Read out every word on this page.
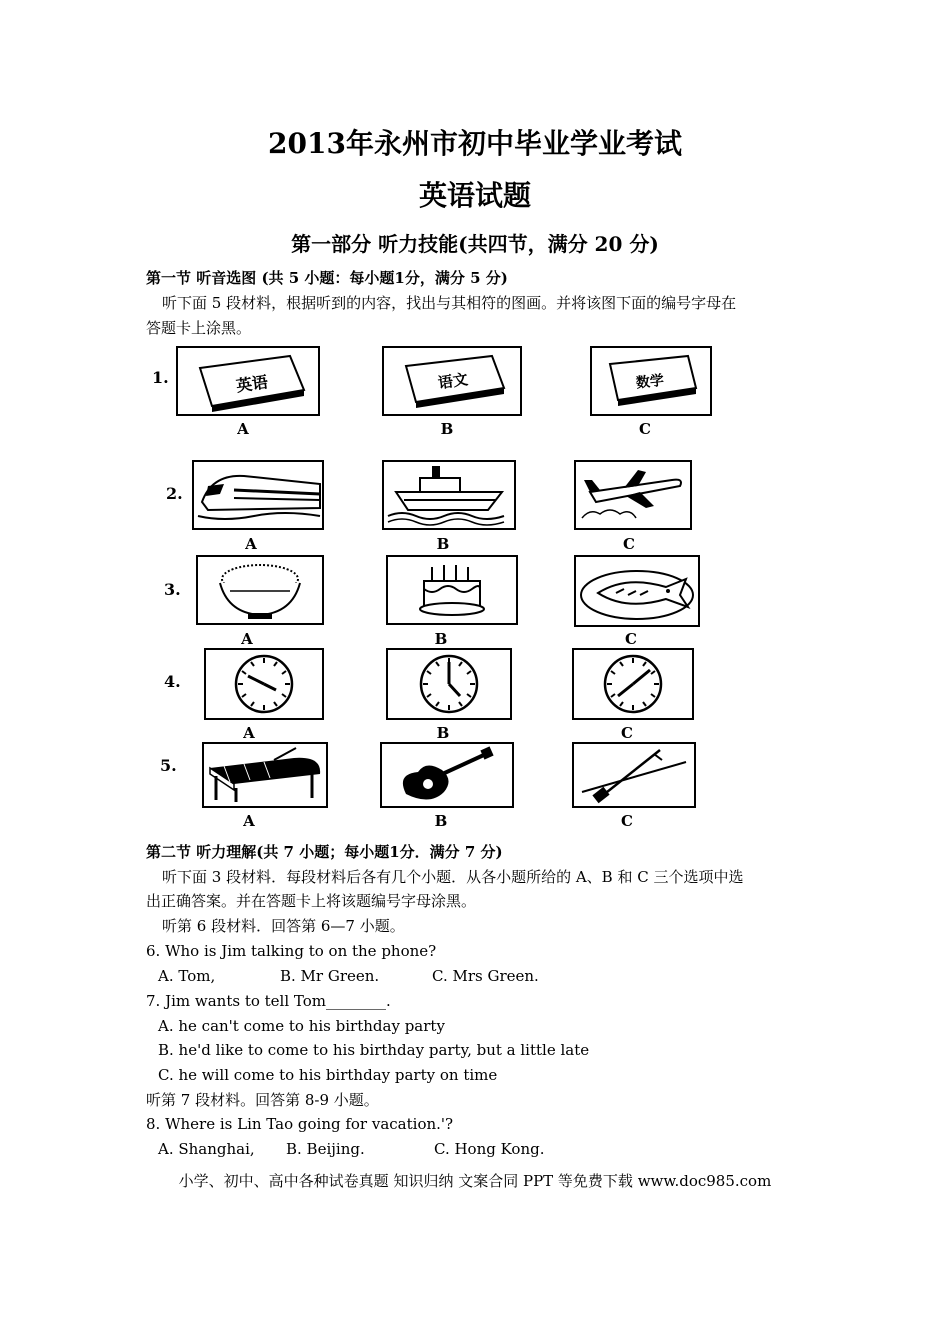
2013年永州市初中毕业学业考试
英语试题
第一部分 听力技能(共四节，满分 20 分)
第一节 听音选图 (共 5 小题：每小题1分，满分 5 分)
听下面 5 段材料，根据听到的内容，找出与其相符的图画。并将该图下面的编号字母在
答题卡上涂黑。
1.	英语	语文	数学
A	B	C
2.
A	B	C
3.
A	B	C
4.
A	B	C
5.
A	B	C
第二节 听力理解(共 7 小题；每小题1分．满分 7 分)
听下面 3 段材料．每段材料后各有几个小题．从各小题所给的 A、B 和 C 三个选项中选
出正确答案。并在答题卡上将该题编号字母涂黑。
听第 6 段材料．回答第 6—7 小题。
6. Who is Jim talking to on the phone?
A. Tom,	B. Mr Green.	C. Mrs Green.
7. Jim wants to tell Tom________.
A. he can't come to his birthday party
B. he'd like to come to his birthday party, but a little late
C. he will come to his birthday party on time
听第 7 段材料。回答第 8-9 小题。
8. Where is Lin Tao going for vacation.'?
A. Shanghai, B. Beijing.	C. Hong Kong.
小学、初中、高中各种试卷真题 知识归纳 文案合同 PPT 等免费下载 www.doc985.com
